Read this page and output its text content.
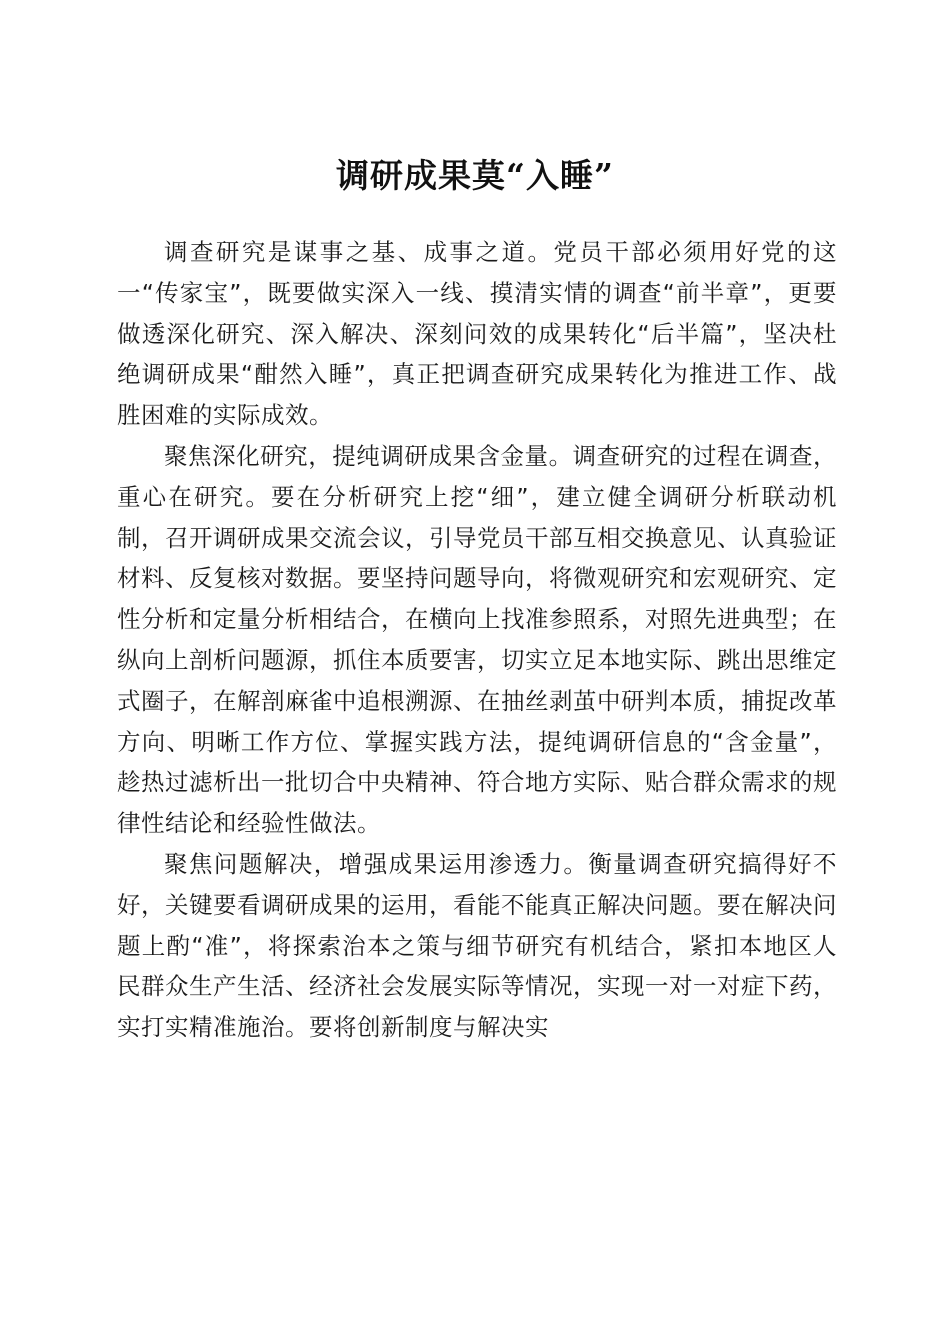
调研成果莫“入睡”

调查研究是谋事之基、成事之道。党员干部必须用好党的这一“传家宝”，既要做实深入一线、摸清实情的调查“前半章”，更要做透深化研究、深入解决、深刻问效的成果转化“后半篇”，坚决杜绝调研成果“酣然入睡”，真正把调查研究成果转化为推进工作、战胜困难的实际成效。

聚焦深化研究，提纯调研成果含金量。调查研究的过程在调查，重心在研究。要在分析研究上挖“细”，建立健全调研分析联动机制，召开调研成果交流会议，引导党员干部互相交换意见、认真验证材料、反复核对数据。要坚持问题导向，将微观研究和宏观研究、定性分析和定量分析相结合，在横向上找准参照系，对照先进典型；在纵向上剖析问题源，抓住本质要害，切实立足本地实际、跳出思维定式圈子，在解剖麻雀中追根溯源、在抽丝剥茧中研判本质，捕捉改革方向、明晰工作方位、掌握实践方法，提纯调研信息的“含金量”，趁热过滤析出一批切合中央精神、符合地方实际、贴合群众需求的规律性结论和经验性做法。

聚焦问题解决，增强成果运用渗透力。衡量调查研究搞得好不好，关键要看调研成果的运用，看能不能真正解决问题。要在解决问题上酌“准”，将探索治本之策与细节研究有机结合，紧扣本地区人民群众生产生活、经济社会发展实际等情况，实现一对一对症下药，实打实精准施治。要将创新制度与解决实
